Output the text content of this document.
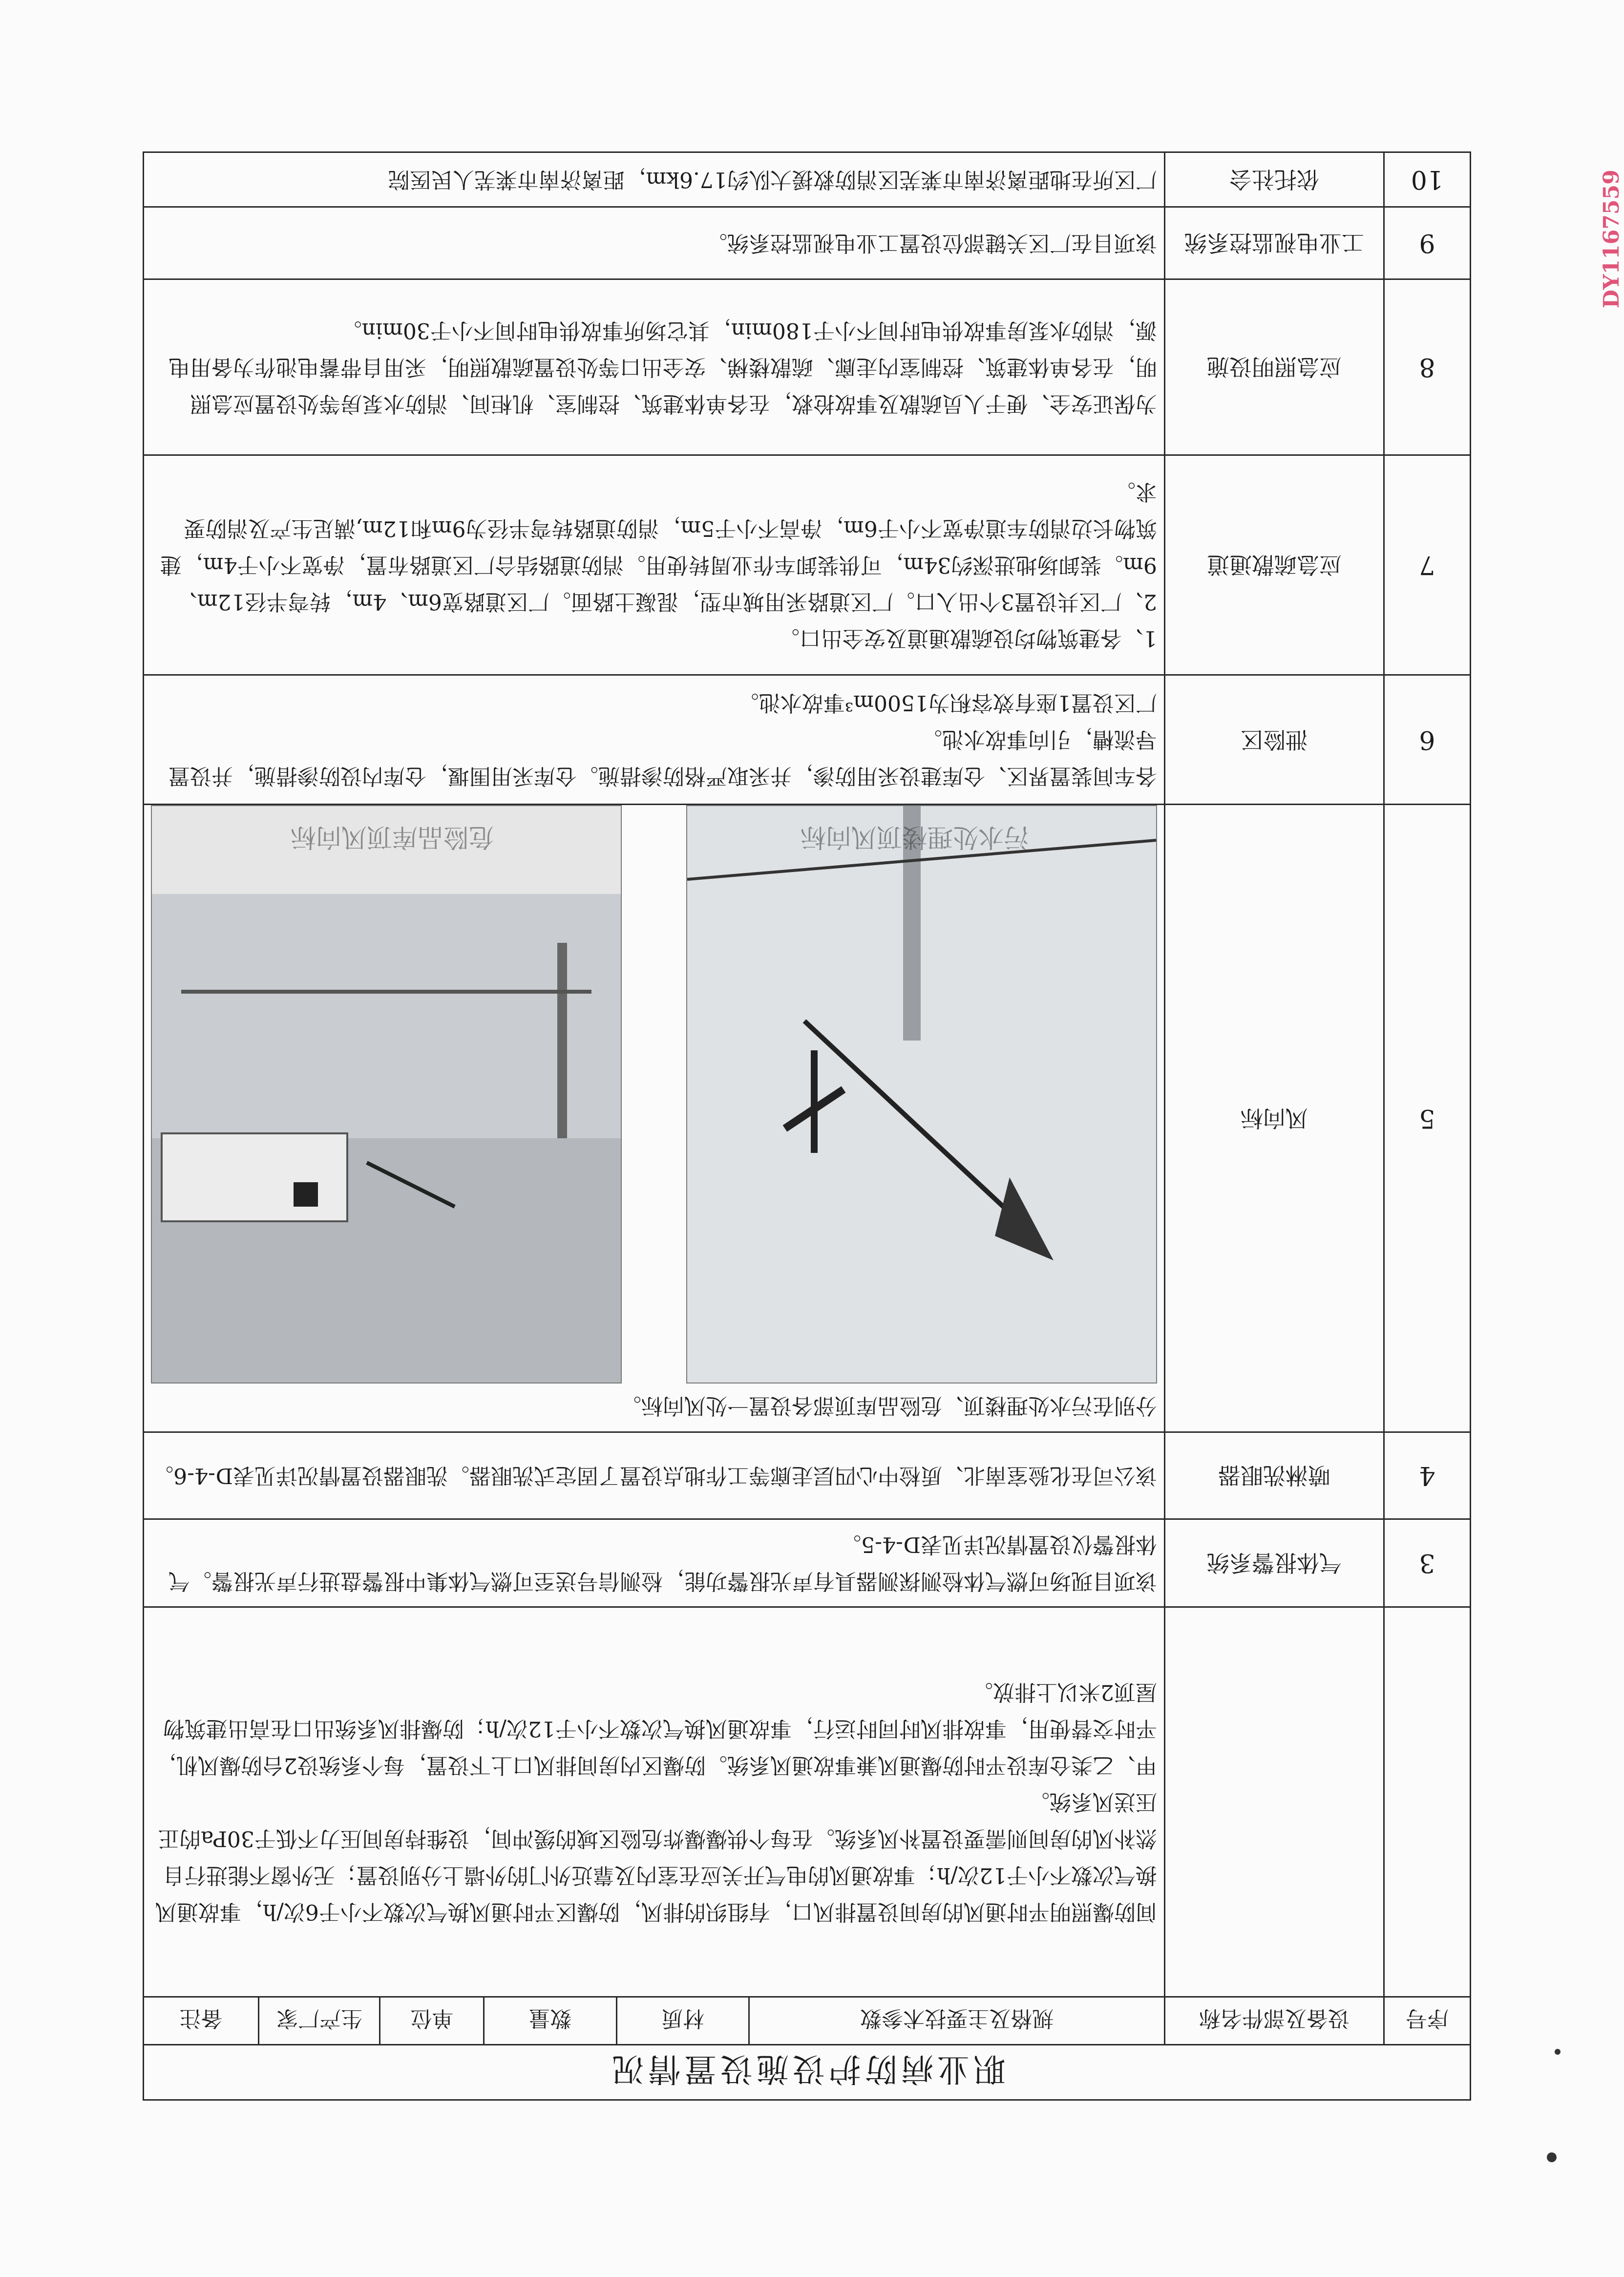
职业病防护设施设置情况							
序号	设备及部件名称	规格及主要技术参数	材质	数量	单位	生产厂家	备注

		间防爆照明平时通风的房间设置排风口，有组织的排风，防爆区平时通风换气次数不小于6次/h，事故通风换气次数不小于12次/h；事故通风的电气开关应在室内及靠近外门的外墙上分别设置；无外窗不能进行自然补风的房间则需要设置补风系统。在每个供爆爆炸危险区域的缓冲间，设维持房间压力不低于30Pa的正压送风系统。

甲、乙类仓库设平时防爆通风兼事故通风系统。防爆区内房间排风口上下设置，每个系统设2台防爆风机，平时交替使用，事故排风时同时运行，事故通风换气次数不小于12次/h；防爆排风系统出口在高出建筑物屋顶2米以上排放。					

3	气体报警系统	该项目现场可燃气体检测探测器具有声光报警功能，检测信号送至可燃气体集中报警盘进行声光报警。气体报警仪设置情况详见表D-4-5。					

4	喷淋洗眼器	该公司在化验室南北、质检中心四层走廊等工作地点设置了固定式洗眼器。洗眼器设置情况详见表D-4-6。					

5	风向标	分别在污水处理楼顶、危险品库顶部各设置一处风向标。
污水处理楼顶风向标
危险品库顶风向标					

6	泄险区	各车间装置界区、仓库建设采用防渗，并采取严格防渗措施。仓库采用围堰，仓库内设防渗措施，并设置导流槽，引向事故水池。

厂区设置1座有效容积为1500m³事故水池。					

7	应急疏散通道	1、各建筑物均设疏散通道及安全出口。

2、厂区共设置3个出入口。厂区道路采用城市型，混凝土路面。厂区道路宽6m、4m，转弯半径12m、9m。装卸场地进深约34m，可供装卸车作业周转使用。消防道路结合厂区道路布置，净宽不小于4m，建筑物长边消防车道净宽不小于6m，净高不小于5m，消防道路转弯半径为9m和12m,满足生产及消防要求。					

8	应急照明设施	为保证安全、便于人员疏散及事故抢救，在各单体建筑、控制室、机柜间、消防水泵房等处设置应急照明，在各单体建筑、控制室内走廊、疏散楼梯、安全出口等处设置疏散照明，采用自带蓄电池作为备用电源，消防水泵房事故供电时间不小于180min，其它场所事故供电时间不小于30min。					

9	工业电视监控系统	该项目在厂区关键部位设置工业电视监控系统。					

10	依托社会	厂区所在地距离济南市莱芜区消防救援大队约17.6km，距离济南市莱芜人民医院						DY1167559
